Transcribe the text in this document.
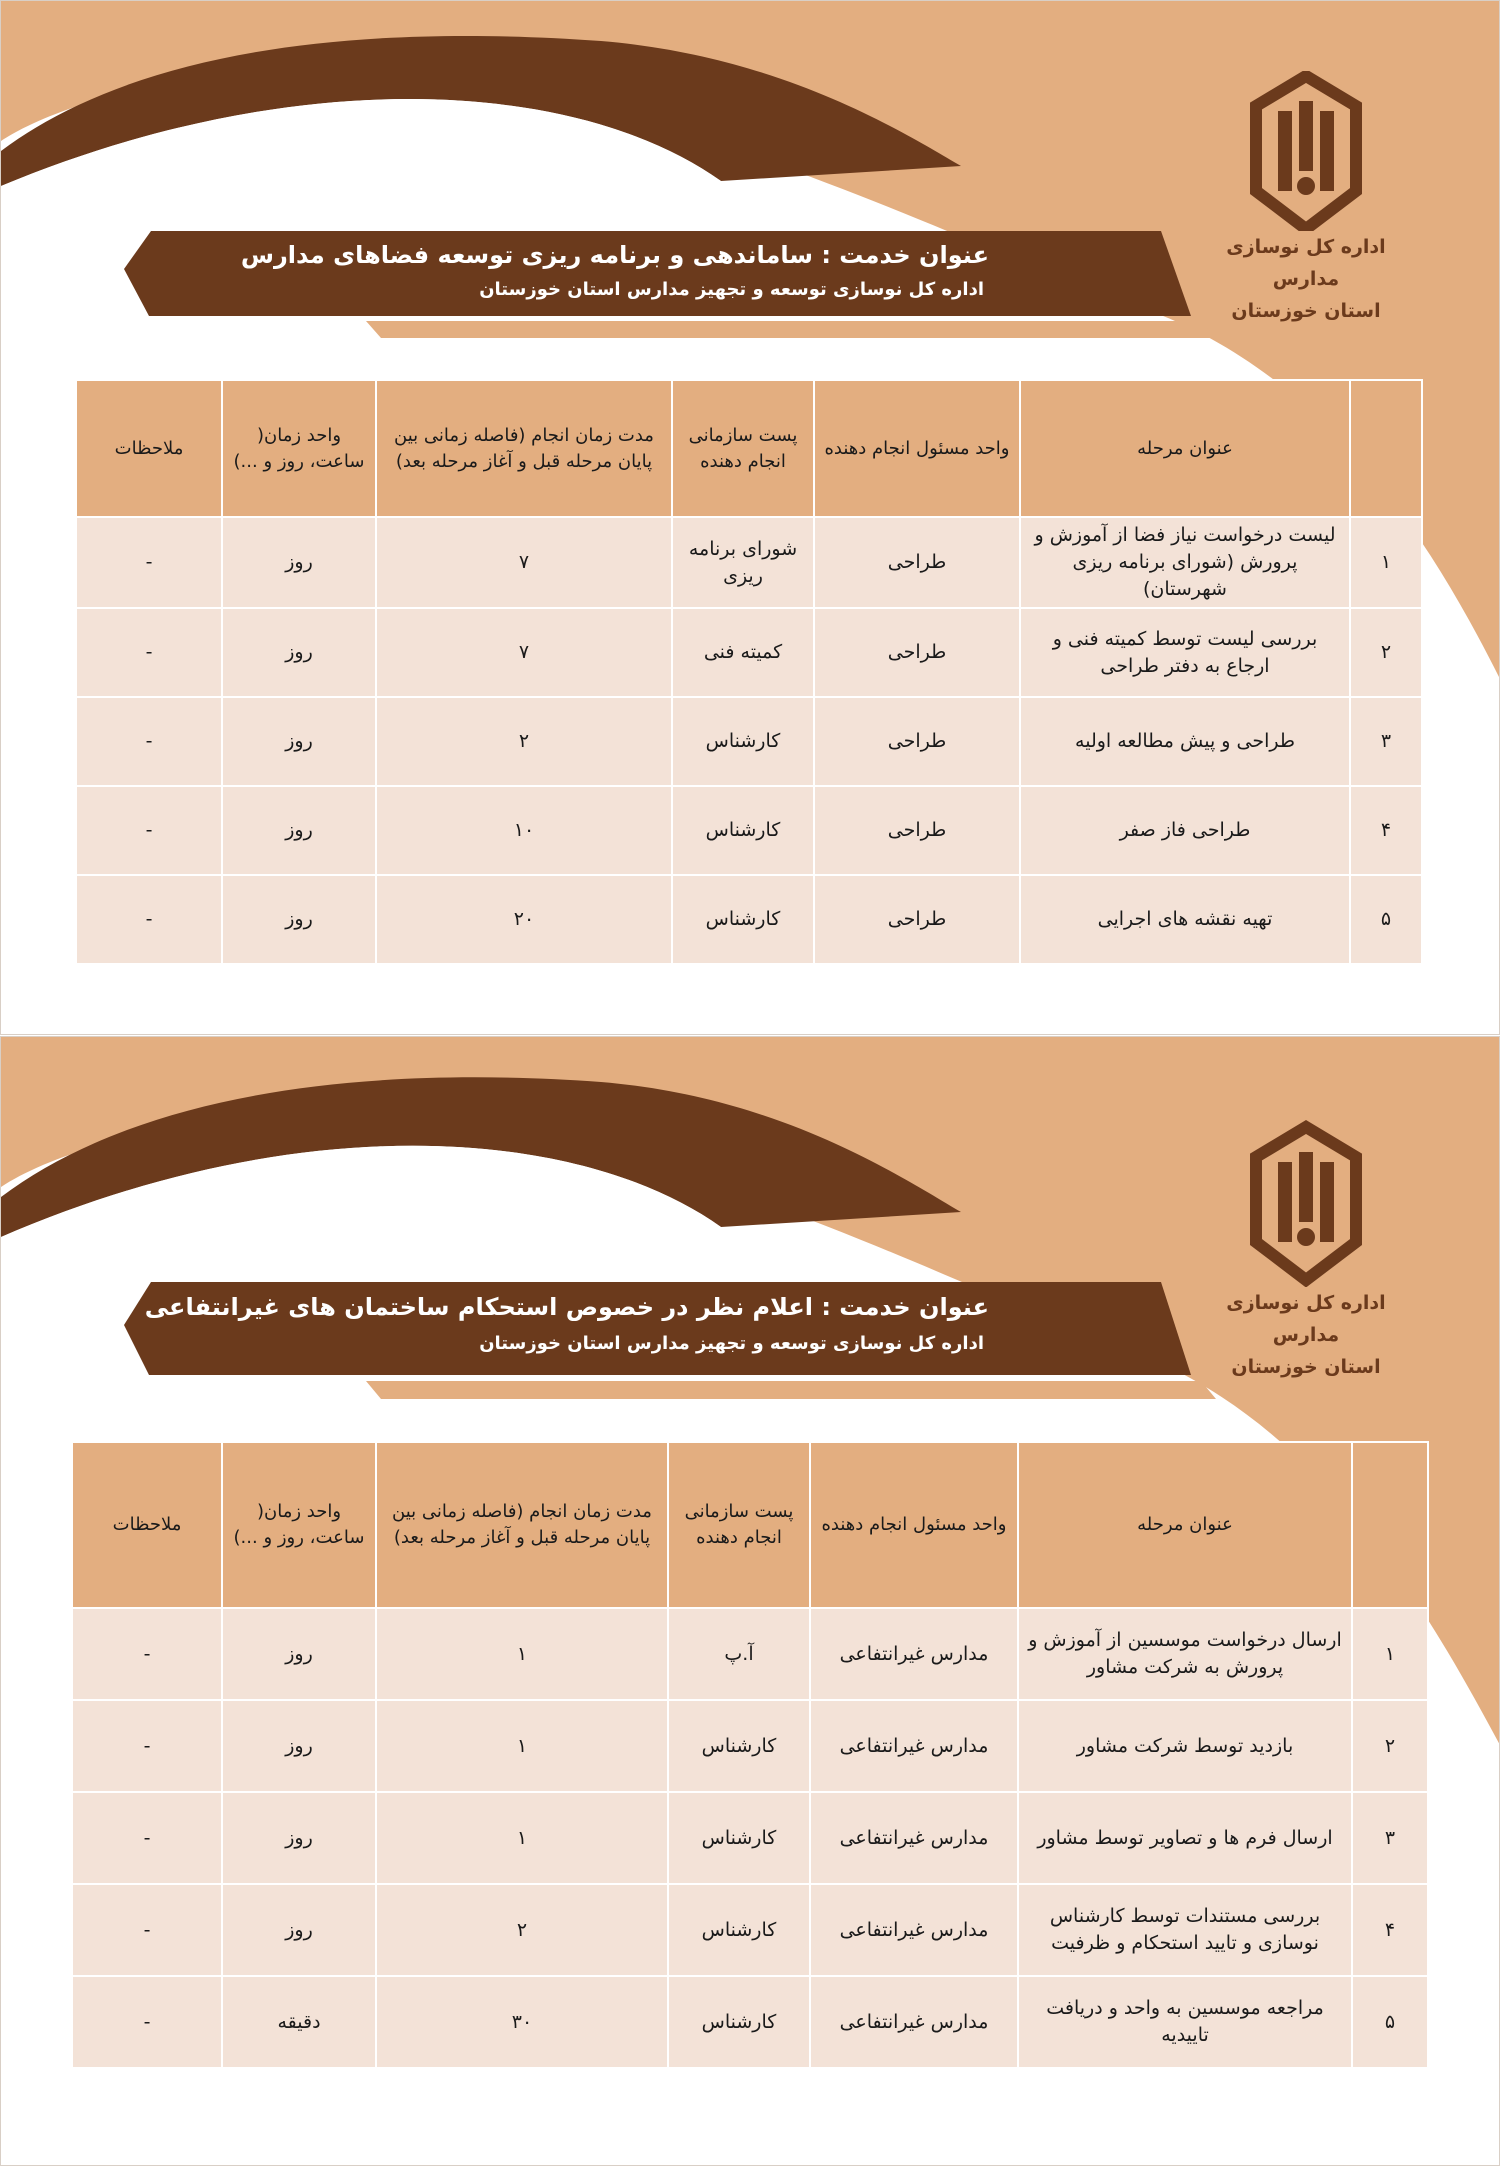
اداره کل نوسازی مدارس
استان خوزستان
عنوان خدمت : ساماندهی و برنامه ریزی توسعه فضاهای مدارس
اداره کل نوسازی توسعه و تجهیز مدارس استان خوزستان
	عنوان مرحله	واحد مسئول انجام دهنده	پست سازمانی انجام دهنده	مدت زمان انجام (فاصله زمانی بین پایان مرحله قبل و آغاز مرحله بعد)	واحد زمان( ساعت، روز و ...)	ملاحظات
۱	لیست درخواست نیاز فضا از آموزش و پرورش (شورای برنامه ریزی شهرستان)	طراحی	شورای برنامه ریزی	۷	روز	-
۲	بررسی لیست توسط کمیته فنی و ارجاع به دفتر طراحی	طراحی	کمیته فنی	۷	روز	-
۳	طراحی و پیش مطالعه اولیه	طراحی	کارشناس	۲	روز	-
۴	طراحی فاز صفر	طراحی	کارشناس	۱۰	روز	-
۵	تهیه نقشه های اجرایی	طراحی	کارشناس	۲۰	روز	-
اداره کل نوسازی مدارس
استان خوزستان
عنوان خدمت : اعلام نظر در خصوص استحکام ساختمان های غیرانتفاعی
اداره کل نوسازی توسعه و تجهیز مدارس استان خوزستان
	عنوان مرحله	واحد مسئول انجام دهنده	پست سازمانی انجام دهنده	مدت زمان انجام (فاصله زمانی بین پایان مرحله قبل و آغاز مرحله بعد)	واحد زمان( ساعت، روز و ...)	ملاحظات
۱	ارسال درخواست موسسین از آموزش و پرورش به شرکت مشاور	مدارس غیرانتفاعی	آ.پ	۱	روز	-
۲	بازدید توسط شرکت مشاور	مدارس غیرانتفاعی	کارشناس	۱	روز	-
۳	ارسال فرم ها و تصاویر توسط مشاور	مدارس غیرانتفاعی	کارشناس	۱	روز	-
۴	بررسی مستندات توسط کارشناس نوسازی و تایید استحکام و ظرفیت	مدارس غیرانتفاعی	کارشناس	۲	روز	-
۵	مراجعه موسسین به واحد و دریافت تاییدیه	مدارس غیرانتفاعی	کارشناس	۳۰	دقیقه	-
